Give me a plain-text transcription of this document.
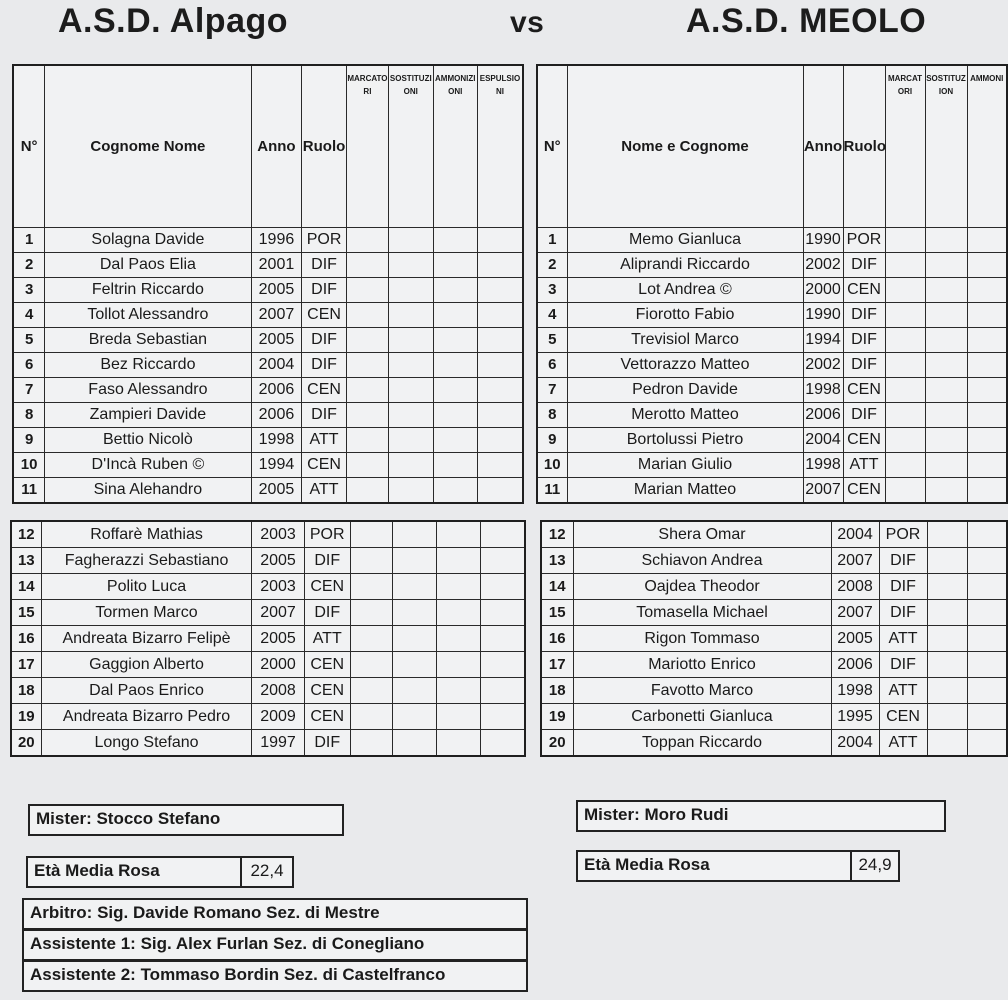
A.S.D. Alpago	vs	A.S.D. MEOLO
N°	Cognome Nome	Anno	Ruolo	MARCATORI	SOSTITUZIONI	AMMONIZIONI	ESPULSIONI
1	Solagna Davide	1996	POR				
2	Dal Paos Elia	2001	DIF				
3	Feltrin Riccardo	2005	DIF				
4	Tollot Alessandro	2007	CEN				
5	Breda Sebastian	2005	DIF				
6	Bez Riccardo	2004	DIF				
7	Faso Alessandro	2006	CEN				
8	Zampieri Davide	2006	DIF				
9	Bettio Nicolò	1998	ATT				
10	D'Incà Ruben ©	1994	CEN				
11	Sina Alehandro	2005	ATT				
N°	Nome e Cognome	Anno	Ruolo	MARCATORI	SOSTITUZION	AMMONI
1	Memo Gianluca	1990	POR			
2	Aliprandi Riccardo	2002	DIF			
3	Lot Andrea ©	2000	CEN			
4	Fiorotto Fabio	1990	DIF			
5	Trevisiol Marco	1994	DIF			
6	Vettorazzo Matteo	2002	DIF			
7	Pedron Davide	1998	CEN			
8	Merotto Matteo	2006	DIF			
9	Bortolussi Pietro	2004	CEN			
10	Marian Giulio	1998	ATT			
11	Marian Matteo	2007	CEN			
12	Roffarè Mathias	2003	POR				
13	Fagherazzi Sebastiano	2005	DIF				
14	Polito Luca	2003	CEN				
15	Tormen Marco	2007	DIF				
16	Andreata Bizarro Felipè	2005	ATT				
17	Gaggion Alberto	2000	CEN				
18	Dal Paos Enrico	2008	CEN				
19	Andreata Bizarro Pedro	2009	CEN				
20	Longo Stefano	1997	DIF				
12	Shera Omar	2004	POR		
13	Schiavon Andrea	2007	DIF		
14	Oajdea Theodor	2008	DIF		
15	Tomasella Michael	2007	DIF		
16	Rigon Tommaso	2005	ATT		
17	Mariotto Enrico	2006	DIF		
18	Favotto Marco	1998	ATT		
19	Carbonetti Gianluca	1995	CEN		
20	Toppan Riccardo	2004	ATT		
Mister: Stocco Stefano	Mister: Moro Rudi
Età Media Rosa	22,4	Età Media Rosa	24,9
Arbitro: Sig. Davide Romano Sez. di Mestre
Assistente 1: Sig. Alex Furlan Sez. di Conegliano
Assistente 2: Tommaso Bordin Sez. di Castelfranco
